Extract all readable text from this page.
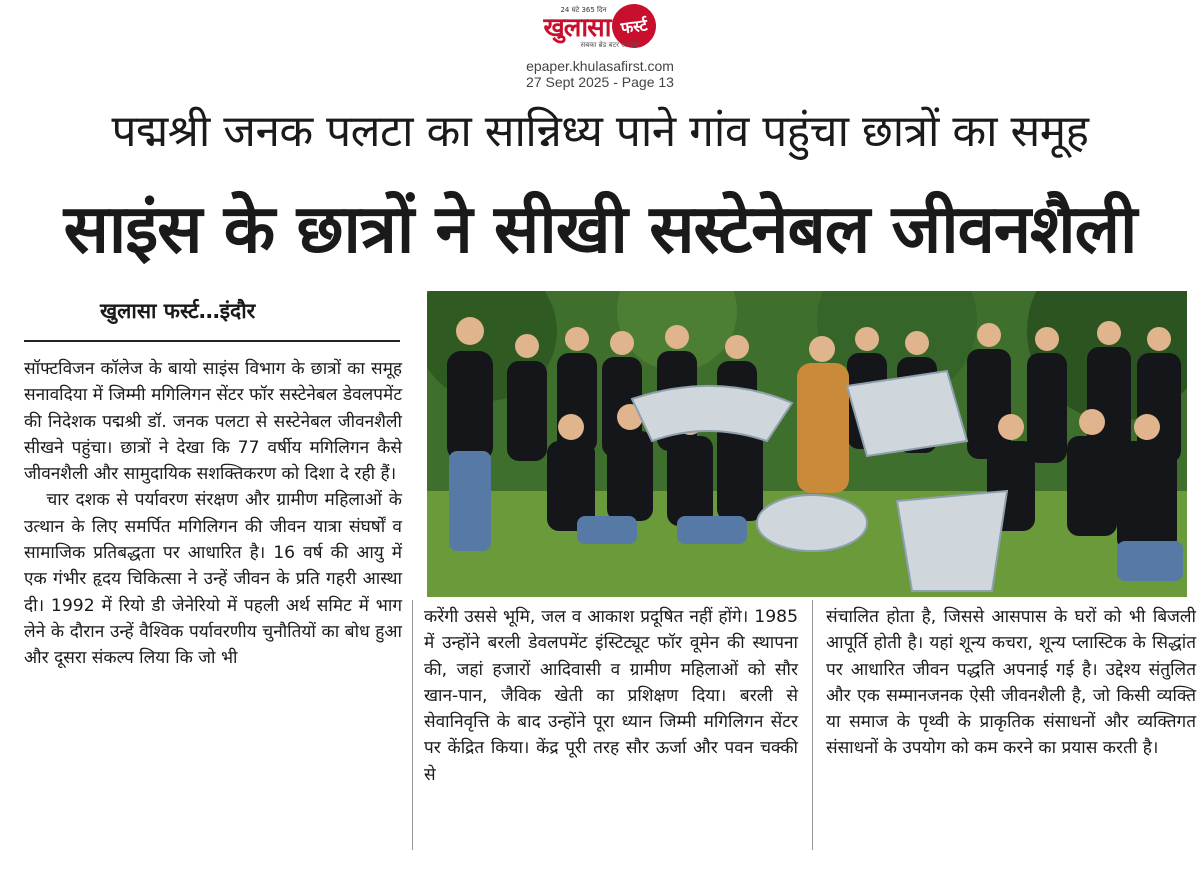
24 घंटे 365 दिन
खुलासा फर्स्ट
सबका ब्रेड बटर आकार
epaper.khulasafirst.com
27 Sept 2025 - Page 13
पद्मश्री जनक पलटा का सान्निध्य पाने गांव पहुंचा छात्रों का समूह
साइंस के छात्रों ने सीखी सस्टेनेबल जीवनशैली
खुलासा फर्स्ट…इंदौर

सॉफ्टविजन कॉलेज के बायो साइंस विभाग के छात्रों का समूह सनावदिया में जिम्मी मगिलिगन सेंटर फॉर सस्टेनेबल डेवलपमेंट की निदेशक पद्मश्री डॉ. जनक पलटा से सस्टेनेबल जीवनशैली सीखने पहुंचा। छात्रों ने देखा कि 77 वर्षीय मगिलिगन कैसे जीवनशैली और सामुदायिक सशक्तिकरण को दिशा दे रही हैं।

चार दशक से पर्यावरण संरक्षण और ग्रामीण महिलाओं के उत्थान के लिए समर्पित मगिलिगन की जीवन यात्रा संघर्षों व सामाजिक प्रतिबद्धता पर आधारित है। 16 वर्ष की आयु में एक गंभीर हृदय चिकित्सा ने उन्हें जीवन के प्रति गहरी आस्था दी। 1992 में रियो डी जेनेरियो में पहली अर्थ समिट में भाग लेने के दौरान उन्हें वैश्विक पर्यावरणीय चुनौतियों का बोध हुआ और दूसरा संकल्प लिया कि जो भी

करेंगी उससे भूमि, जल व आकाश प्रदूषित नहीं होंगे। 1985 में उन्होंने बरली डेवलपमेंट इंस्टिट्यूट फॉर वूमेन की स्थापना की, जहां हजारों आदिवासी व ग्रामीण महिलाओं को सौर खान-पान, जैविक खेती का प्रशिक्षण दिया। बरली से सेवानिवृत्ति के बाद उन्होंने पूरा ध्यान जिम्मी मगिलिगन सेंटर पर केंद्रित किया। केंद्र पूरी तरह सौर ऊर्जा और पवन चक्की से

संचालित होता है, जिससे आसपास के घरों को भी बिजली आपूर्ति होती है। यहां शून्य कचरा, शून्य प्लास्टिक के सिद्धांत पर आधारित जीवन पद्धति अपनाई गई है। उद्देश्य संतुलित और एक सम्मानजनक ऐसी जीवनशैली है, जो किसी व्यक्ति या समाज के पृथ्वी के प्राकृतिक संसाधनों और व्यक्तिगत संसाधनों के उपयोग को कम करने का प्रयास करती है।
